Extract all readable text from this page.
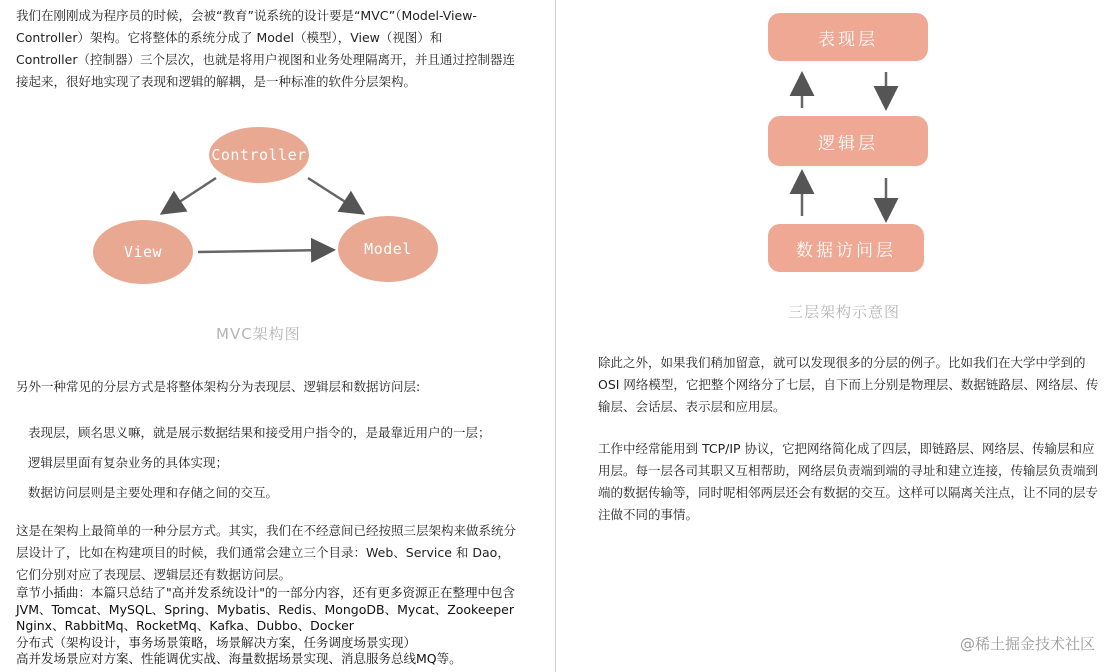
我们在刚刚成为程序员的时候，会被“教育”说系统的设计要是“MVC”（Model-View-
Controller）架构。它将整体的系统分成了 Model（模型），View（视图）和
Controller（控制器）三个层次，也就是将用户视图和业务处理隔离开，并且通过控制器连
接起来，很好地实现了表现和逻辑的解耦，是一种标准的软件分层架构。
Controller
View	Model
MVC架构图
另外一种常见的分层方式是将整体架构分为表现层、逻辑层和数据访问层:
表现层，顾名思义嘛，就是展示数据结果和接受用户指令的，是最靠近用户的一层；
逻辑层里面有复杂业务的具体实现；
数据访问层则是主要处理和存储之间的交互。
这是在架构上最简单的一种分层方式。其实，我们在不经意间已经按照三层架构来做系统分
层设计了，比如在构建项目的时候，我们通常会建立三个目录：Web、Service 和 Dao，
它们分别对应了表现层、逻辑层还有数据访问层。
章节小插曲：本篇只总结了"高并发系统设计"的一部分内容，还有更多资源正在整理中包含
JVM、Tomcat、MySQL、Spring、Mybatis、Redis、MongoDB、Mycat、Zookeeper
Nginx、RabbitMq、RocketMq、Kafka、Dubbo、Docker
分布式（架构设计，事务场景策略，场景解决方案，任务调度场景实现）
高并发场景应对方案、性能调优实战、海量数据场景实现、消息服务总线MQ等。
表现层
逻辑层
数据访问层
三层架构示意图
除此之外，如果我们稍加留意，就可以发现很多的分层的例子。比如我们在大学中学到的
OSI 网络模型，它把整个网络分了七层，自下而上分别是物理层、数据链路层、网络层、传
输层、会话层、表示层和应用层。
工作中经常能用到 TCP/IP 协议，它把网络简化成了四层，即链路层、网络层、传输层和应
用层。每一层各司其职又互相帮助，网络层负责端到端的寻址和建立连接，传输层负责端到
端的数据传输等，同时呢相邻两层还会有数据的交互。这样可以隔离关注点，让不同的层专
注做不同的事情。
@稀土掘金技术社区
